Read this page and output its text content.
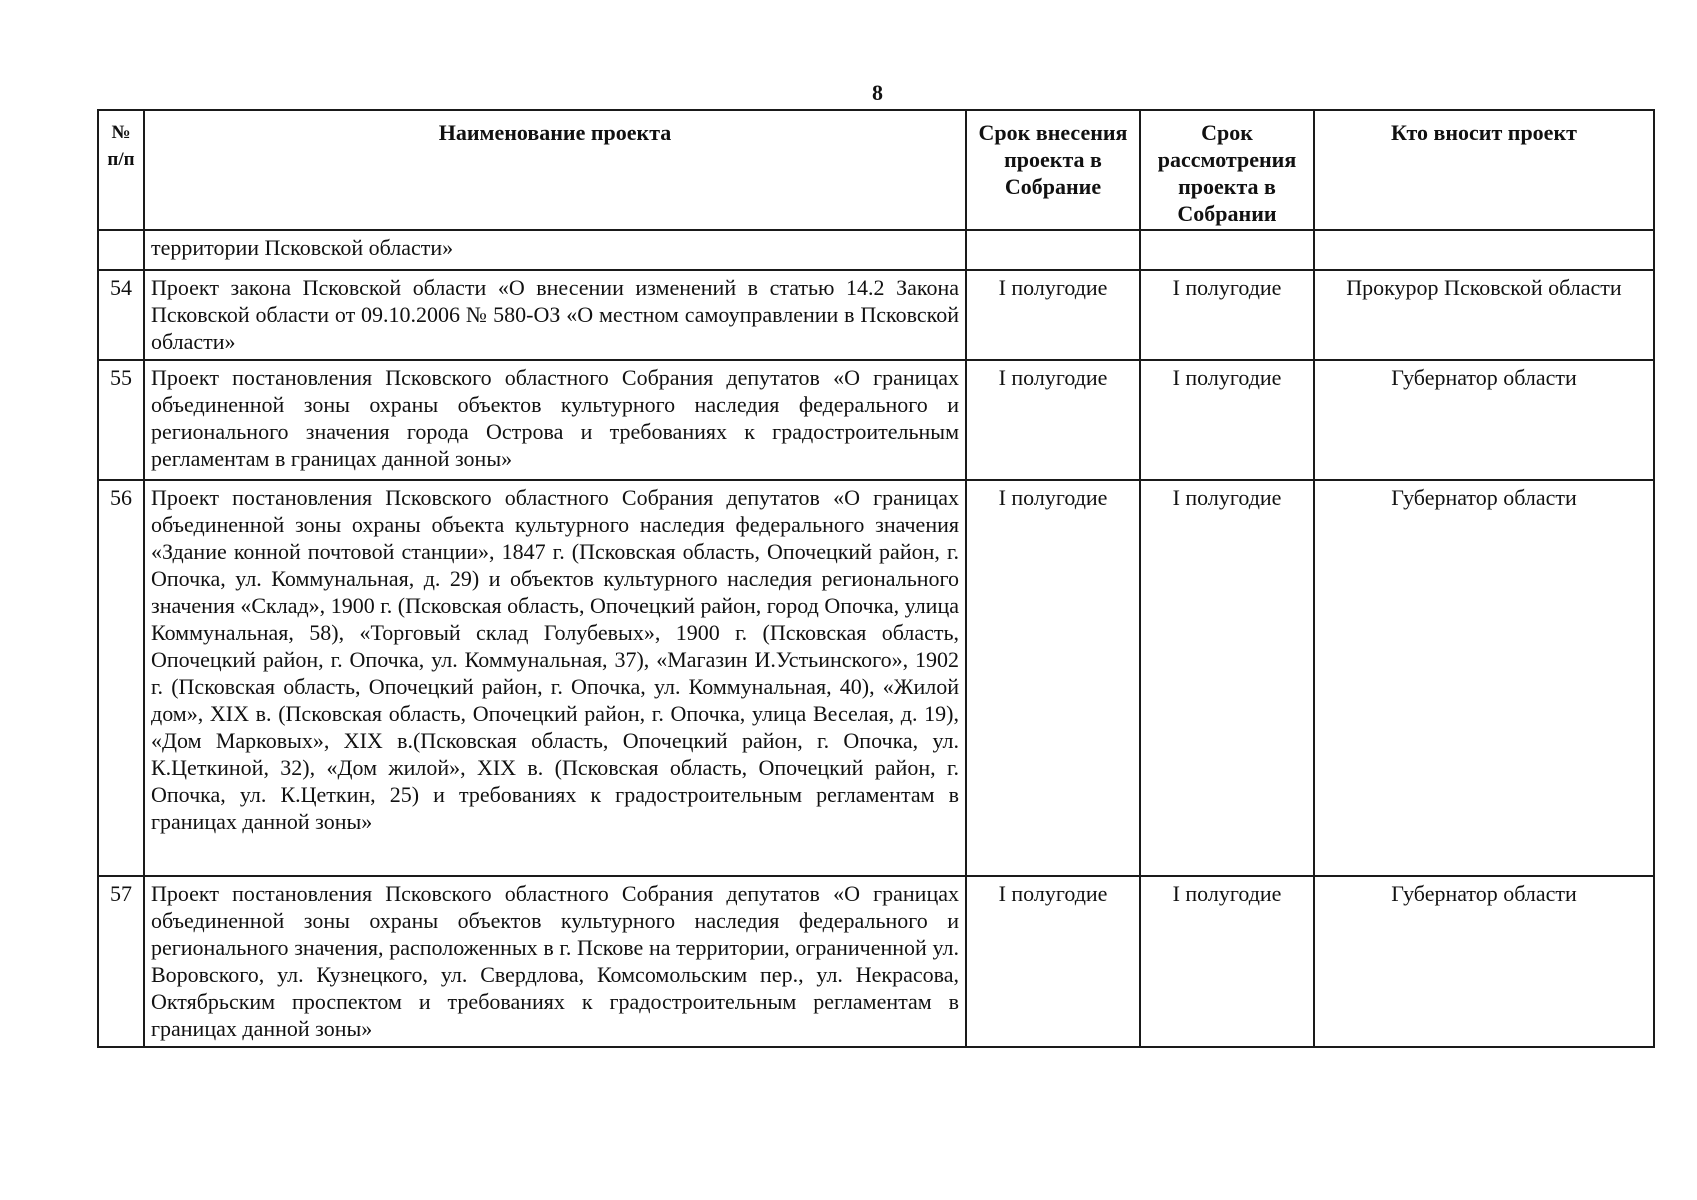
8
№ п/п	Наименование проекта	Срок внесения проекта в Собрание	Срок рассмотрения проекта в Собрании	Кто вносит проект
	территории Псковской области»			
54	Проект закона Псковской области «О внесении изменений в статью 14.2 Закона Псковской области от 09.10.2006 № 580-ОЗ «О местном самоуправлении в Псковской области»	I полугодие	I полугодие	Прокурор Псковской области
55	Проект постановления Псковского областного Собрания депутатов «О границах объединенной зоны охраны объектов культурного наследия федерального и регионального значения города Острова и требованиях к градостроительным регламентам в границах данной зоны»	I полугодие	I полугодие	Губернатор области
56	Проект постановления Псковского областного Собрания депутатов «О границах объединенной зоны охраны объекта культурного наследия федерального значения «Здание конной почтовой станции», 1847 г. (Псковская область, Опочецкий район, г. Опочка, ул. Коммунальная, д. 29) и объектов культурного наследия регионального значения «Склад», 1900 г. (Псковская область, Опочецкий район, город Опочка, улица Коммунальная, 58), «Торговый склад Голубевых», 1900 г. (Псковская область, Опочецкий район, г. Опочка, ул. Коммунальная, 37), «Магазин И.Устьинского», 1902 г. (Псковская область, Опочецкий район, г. Опочка, ул. Коммунальная, 40), «Жилой дом», XIX в. (Псковская область, Опочецкий район, г. Опочка, улица Веселая, д. 19), «Дом Марковых», XIX в.(Псковская область, Опочецкий район, г. Опочка, ул. К.Цеткиной, 32), «Дом жилой», XIX в. (Псковская область, Опочецкий район, г. Опочка, ул. К.Цеткин, 25) и требованиях к градостроительным регламентам в границах данной зоны»	I полугодие	I полугодие	Губернатор области
57	Проект постановления Псковского областного Собрания депутатов «О границах объединенной зоны охраны объектов культурного наследия федерального и регионального значения, расположенных в г. Пскове на территории, ограниченной ул. Воровского, ул. Кузнецкого, ул. Свердлова, Комсомольским пер., ул. Некрасова, Октябрьским проспектом и требованиях к градостроительным регламентам в границах данной зоны»	I полугодие	I полугодие	Губернатор области
